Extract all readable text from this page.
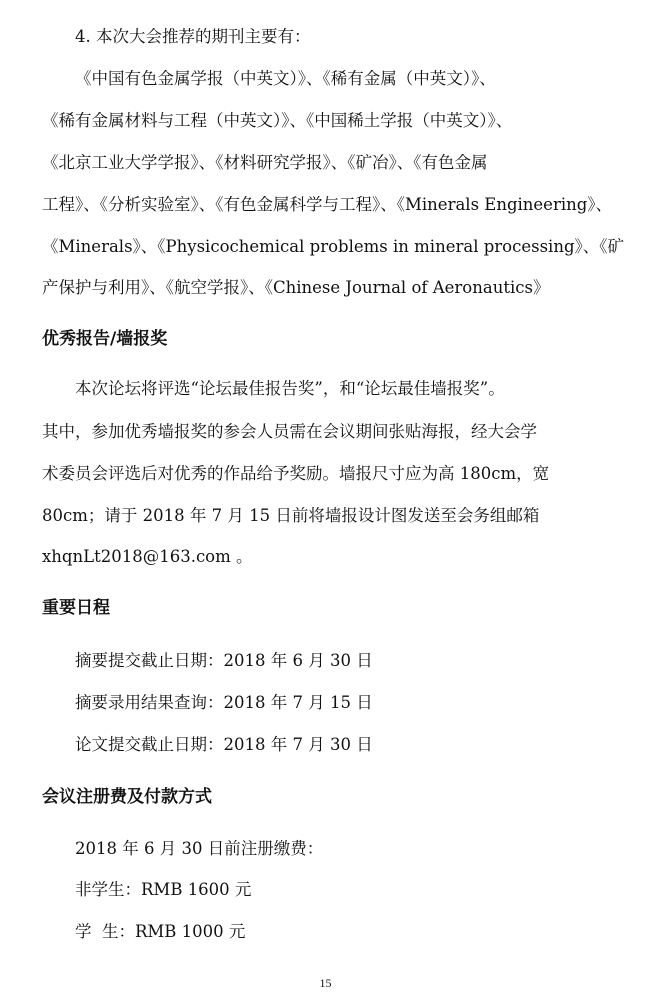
4. 本次大会推荐的期刊主要有：
《中国有色金属学报（中英文）》、《稀有金属（中英文）》、
《稀有金属材料与工程（中英文）》、《中国稀土学报（中英文）》、
《北京工业大学学报》、《材料研究学报》、《矿冶》、《有色金属
工程》、《分析实验室》、《有色金属科学与工程》、《Minerals Engineering》、
《Minerals》、《Physicochemical problems in mineral processing》、《矿
产保护与利用》、《航空学报》、《Chinese Journal of Aeronautics》
优秀报告/墙报奖
本次论坛将评选“论坛最佳报告奖”，和“论坛最佳墙报奖”。
其中，参加优秀墙报奖的参会人员需在会议期间张贴海报，经大会学
术委员会评选后对优秀的作品给予奖励。墙报尺寸应为高 180cm，宽
80cm；请于 2018 年 7 月 15 日前将墙报设计图发送至会务组邮箱
xhqnLt2018@163.com 。
重要日程
摘要提交截止日期：2018 年 6 月 30 日
摘要录用结果查询：2018 年 7 月 15 日
论文提交截止日期：2018 年 7 月 30 日
会议注册费及付款方式
2018 年 6 月 30 日前注册缴费：
非学生：RMB 1600 元
学  生：RMB 1000 元
15
